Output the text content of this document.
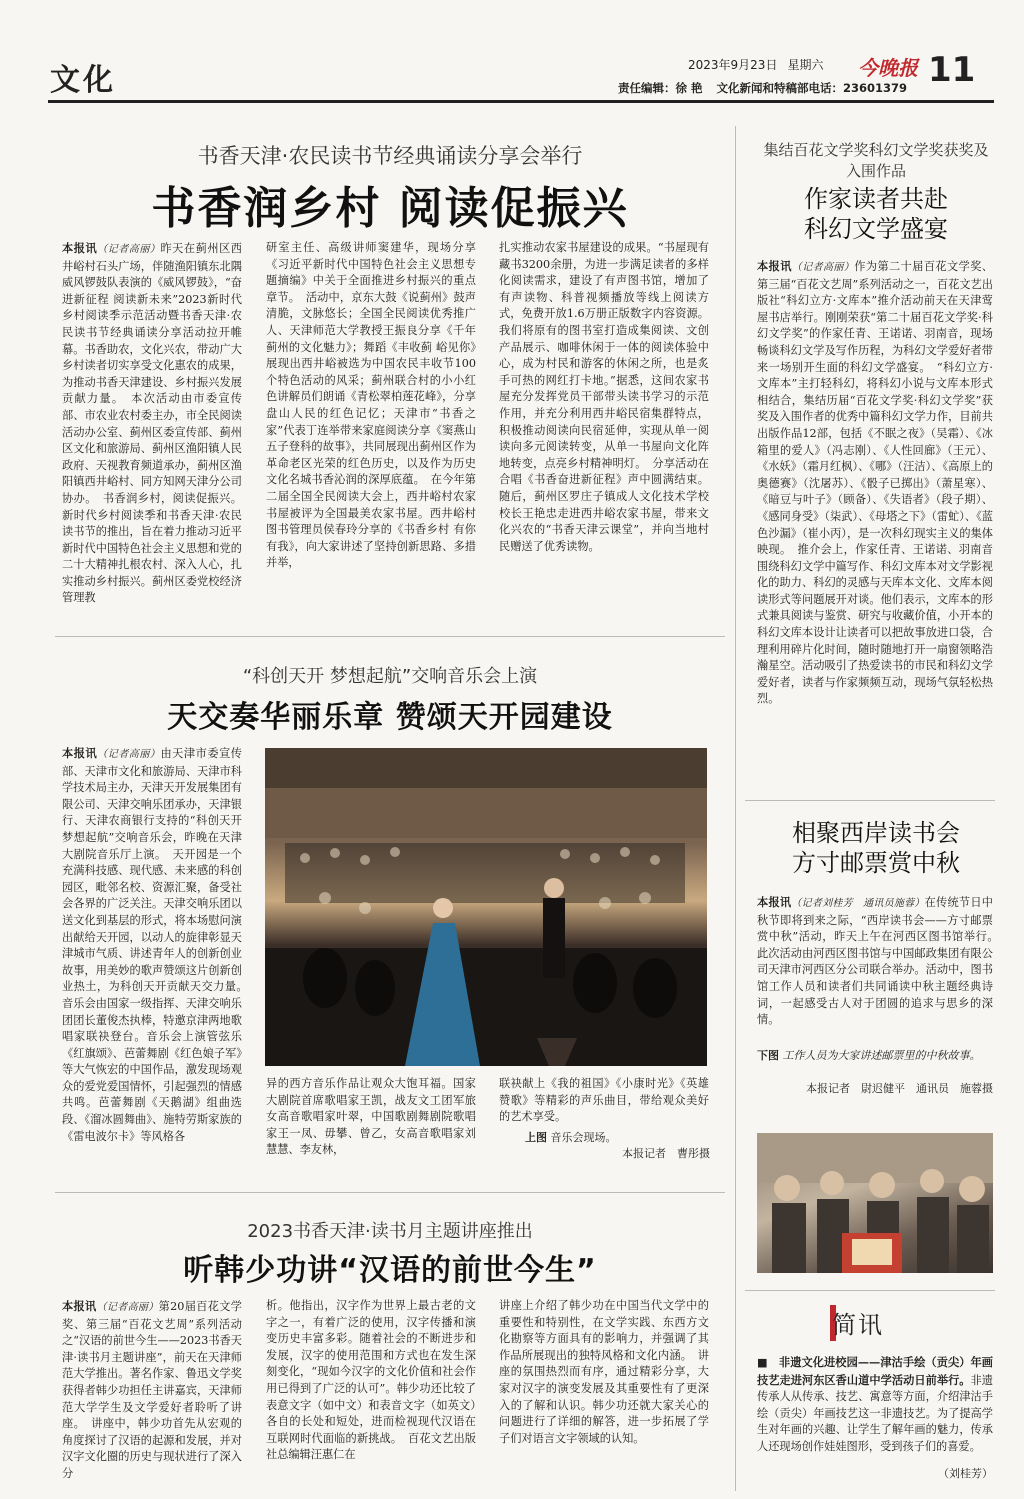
文化	2023年9月23日 星期六	今晚报 11
责任编辑：徐 艳 文化新闻和特稿部电话：23601379
书香天津·农民读书节经典诵读分享会举行
书香润乡村 阅读促振兴
本报讯（记者高丽）昨天在蓟州区西井峪村石头广场，伴随渔阳镇东北隅威风锣鼓队表演的《威风锣鼓》，“奋进新征程 阅读新未来”2023新时代乡村阅读季示范活动暨书香天津·农民读书节经典诵读分享活动拉开帷幕。书香助农，文化兴农，带动广大乡村读者切实享受文化惠农的成果，为推动书香天津建设、乡村振兴发展贡献力量。　本次活动由市委宣传部、市农业农村委主办，市全民阅读活动办公室、蓟州区委宣传部、蓟州区文化和旅游局、蓟州区渔阳镇人民政府、天视教育频道承办，蓟州区渔阳镇西井峪村、同方知网天津分公司协办。　书香润乡村，阅读促振兴。新时代乡村阅读季和书香天津·农民读书节的推出，旨在着力推动习近平新时代中国特色社会主义思想和党的二十大精神扎根农村、深入人心，扎实推动乡村振兴。蓟州区委党校经济管理教
研室主任、高级讲师窦建华，现场分享《习近平新时代中国特色社会主义思想专题摘编》中关于全面推进乡村振兴的重点章节。　活动中，京东大鼓《说蓟州》鼓声清脆，文脉悠长；全国全民阅读优秀推广人、天津师范大学教授王振良分享《千年蓟州的文化魅力》；舞蹈《丰收蓟 峪见你》展现出西井峪被选为中国农民丰收节100个特色活动的风采；蓟州联合村的小小红色讲解员们朗诵《青松翠柏莲花峰》，分享盘山人民的红色记忆；天津市“书香之家”代表丁连举带来家庭阅读分享《窦燕山五子登科的故事》，共同展现出蓟州区作为革命老区光荣的红色历史，以及作为历史文化名城书香沁润的深厚底蕴。　在今年第二届全国全民阅读大会上，西井峪村农家书屋被评为全国最美农家书屋。西井峪村图书管理员侯春玲分享的《书香乡村 有你有我》，向大家讲述了坚持创新思路、多措并举，
扎实推动农家书屋建设的成果。“书屋现有藏书3200余册，为进一步满足读者的多样化阅读需求，建设了有声图书馆，增加了有声读物、科普视频播放等线上阅读方式，免费开放1.6万册正版数字内容资源。我们将原有的图书室打造成集阅读、文创产品展示、咖啡休闲于一体的阅读体验中心，成为村民和游客的休闲之所，也是炙手可热的网红打卡地。”据悉，这间农家书屋充分发挥党员干部带头读书学习的示范作用，并充分利用西井峪民宿集群特点，积极推动阅读向民宿延伸，实现从单一阅读向多元阅读转变，从单一书屋向文化阵地转变，点亮乡村精神明灯。　分享活动在合唱《书香奋进新征程》声中圆满结束。随后，蓟州区罗庄子镇成人文化技术学校校长王艳忠走进西井峪农家书屋，带来文化兴农的“书香天津云课堂”，并向当地村民赠送了优秀读物。
“科创天开 梦想起航”交响音乐会上演
天交奏华丽乐章 赞颂天开园建设
本报讯（记者高丽）由天津市委宣传部、天津市文化和旅游局、天津市科学技术局主办，天津天开发展集团有限公司、天津交响乐团承办，天津银行、天津农商银行支持的“科创天开 梦想起航”交响音乐会，昨晚在天津大剧院音乐厅上演。　天开园是一个充满科技感、现代感、未来感的科创园区，毗邻名校、资源汇聚，备受社会各界的广泛关注。天津交响乐团以送文化到基层的形式，将本场慰问演出献给天开园，以动人的旋律彰显天津城市气质、讲述青年人的创新创业故事，用美妙的歌声赞颂这片创新创业热土，为科创天开贡献天交力量。　音乐会由国家一级指挥、天津交响乐团团长董俊杰执棒，特邀京津两地歌唱家联袂登台。音乐会上演管弦乐《红旗颂》、芭蕾舞剧《红色娘子军》等大气恢宏的中国作品，激发现场观众的爱党爱国情怀，引起强烈的情感共鸣。芭蕾舞剧《天鹅湖》组曲选段、《溜冰圆舞曲》、施特劳斯家族的《雷电波尔卡》等风格各
异的西方音乐作品让观众大饱耳福。国家大剧院首席歌唱家王凯，战友文工团军旅女高音歌唱家叶翠，中国歌剧舞剧院歌唱家王一凤、毋攀、曾乙，女高音歌唱家刘慧慧、李友林，
联袂献上《我的祖国》《小康时光》《英雄赞歌》等精彩的声乐曲目，带给观众美好的艺术享受。
上图 音乐会现场。
本报记者　曹彤摄
2023书香天津·读书月主题讲座推出
听韩少功讲“汉语的前世今生”
本报讯（记者高丽）第20届百花文学奖、第三届“百花文艺周”系列活动之“汉语的前世今生——2023书香天津·读书月主题讲座”，前天在天津师范大学推出。著名作家、鲁迅文学奖获得者韩少功担任主讲嘉宾，天津师范大学学生及文学爱好者聆听了讲座。　讲座中，韩少功首先从宏观的角度探讨了汉语的起源和发展，并对汉字文化圈的历史与现状进行了深入分
析。他指出，汉字作为世界上最古老的文字之一，有着广泛的使用，汉字传播和演变历史丰富多彩。随着社会的不断进步和发展，汉字的使用范围和方式也在发生深刻变化，“现如今汉字的文化价值和社会作用已得到了广泛的认可”。韩少功还比较了表意文字（如中文）和表音文字（如英文）各自的长处和短处，进而检视现代汉语在互联网时代面临的新挑战。　百花文艺出版社总编辑汪惠仁在
讲座上介绍了韩少功在中国当代文学中的重要性和特别性，在文学实践、东西方文化勘察等方面具有的影响力，并强调了其作品所展现出的独特风格和文化内涵。　讲座的氛围热烈而有序，通过精彩分享，大家对汉字的演变发展及其重要性有了更深入的了解和认识。韩少功还就大家关心的问题进行了详细的解答，进一步拓展了学子们对语言文字领域的认知。
集结百花文学奖科幻文学奖获奖及入围作品
作家读者共赴
科幻文学盛宴
本报讯（记者高丽）作为第二十届百花文学奖、第三届“百花文艺周”系列活动之一，百花文艺出版社“科幻立方·文库本”推介活动前天在天津莺屋书店举行。刚刚荣获“第二十届百花文学奖·科幻文学奖”的作家任青、王诺诺、羽南音，现场畅谈科幻文学及写作历程，为科幻文学爱好者带来一场别开生面的科幻文学盛宴。　“科幻立方·文库本”主打轻科幻，将科幻小说与文库本形式相结合，集结历届“百花文学奖·科幻文学奖”获奖及入围作者的优秀中篇科幻文学力作，目前共出版作品12部，包括《不眠之夜》（吴霜）、《冰箱里的爱人》（冯志刚）、《人性回廊》（王元）、《水妖》（霜月红枫）、《哪》（汪洁）、《高原上的奥德赛》（沈屠苏）、《骰子已掷出》（萧星寒）、《暗豆与叶子》（顾备）、《失语者》（段子期）、《感同身受》（柒武）、《母塔之下》（雷虻）、《蓝色沙漏》（崔小丙），是一次科幻现实主义的集体映现。　推介会上，作家任青、王诺诺、羽南音围绕科幻文学中篇写作、科幻文库本对文学影视化的助力、科幻的灵感与天库本文化、文库本阅读形式等问题展开对谈。他们表示，文库本的形式兼具阅读与鉴赏、研究与收藏价值，小开本的科幻文库本设计让读者可以把故事放进口袋，合理利用碎片化时间，随时随地打开一扇窗领略浩瀚星空。活动吸引了热爱读书的市民和科幻文学爱好者，读者与作家频频互动，现场气氛轻松热烈。
相聚西岸读书会
方寸邮票赏中秋
本报讯（记者刘桂芳　通讯员施蓉）在传统节日中秋节即将到来之际，“西岸读书会——方寸邮票赏中秋”活动，昨天上午在河西区图书馆举行。　此次活动由河西区图书馆与中国邮政集团有限公司天津市河西区分公司联合举办。活动中，图书馆工作人员和读者们共同诵读中秋主题经典诗词，一起感受古人对于团圆的追求与思乡的深情。
下图 工作人员为大家讲述邮票里的中秋故事。
本报记者　尉迟健平　通讯员　施蓉摄
简讯
■　非遗文化进校园——津沽手绘（贡尖）年画技艺走进河东区香山道中学活动日前举行。非遗传承人从传承、技艺、寓意等方面，介绍津沽手绘（贡尖）年画技艺这一非遗技艺。为了提高学生对年画的兴趣、让学生了解年画的魅力，传承人还现场创作娃娃图形，受到孩子们的喜爱。
（刘桂芳）
